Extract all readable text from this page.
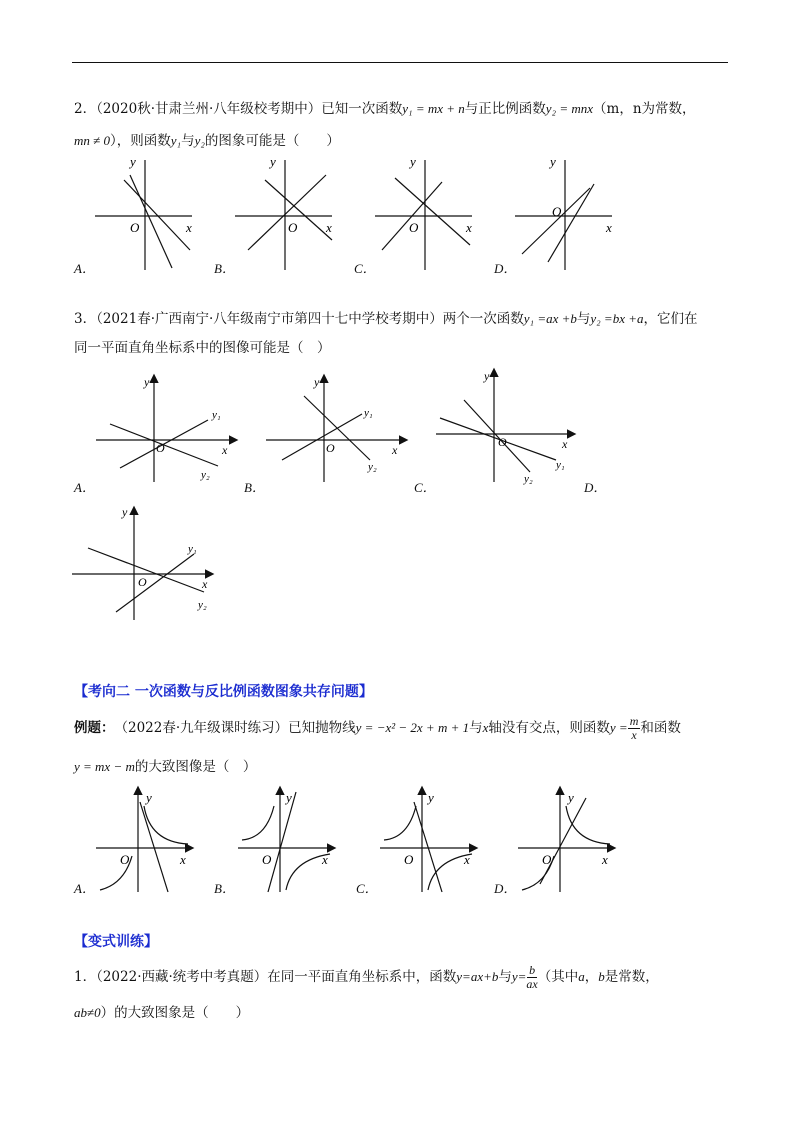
2．（2020秋·甘肃兰州·八年级校考期中）已知一次函数y₁ = mx + n与正比例函数y₂ = mnx（m，n为常数，
mn ≠ 0），则函数y₁与y₂的图象可能是（　　）
y
x
O
y
x
O
y
x
O
y
x
O
A．	B．	C．	D．
3．（2021春·广西南宁·八年级南宁市第四十七中学校考期中）两个一次函数y₁ =ax +b与y₂ =bx +a，它们在
同一平面直角坐标系中的图像可能是（　）
y
x
O
y₁
y₂
y
x
O
y₁
y₂
y
x
O
y₁
y₂
A．	B．	C．	D．
y
x
O
y₁
y₂
【考向二 一次函数与反比例函数图象共存问题】
例题： （2022春·九年级课时练习）已知抛物线 y = −x² − 2x + m + 1 与 x 轴没有交点，则函数 $y = \frac{m}{x}$ 和函数
y = mx − m的大致图像是（　）
y
x
O
y
x
O
y
x
O
y
x
O
A．	B．	C．	D．
【变式训练】
1．（2022·西藏·统考中考真题）在同一平面直角坐标系中，函数 y=ax+b 与 $y= \frac{b}{ax}$ （其中 a ， b 是常数，
ab≠0）的大致图象是（　　）
